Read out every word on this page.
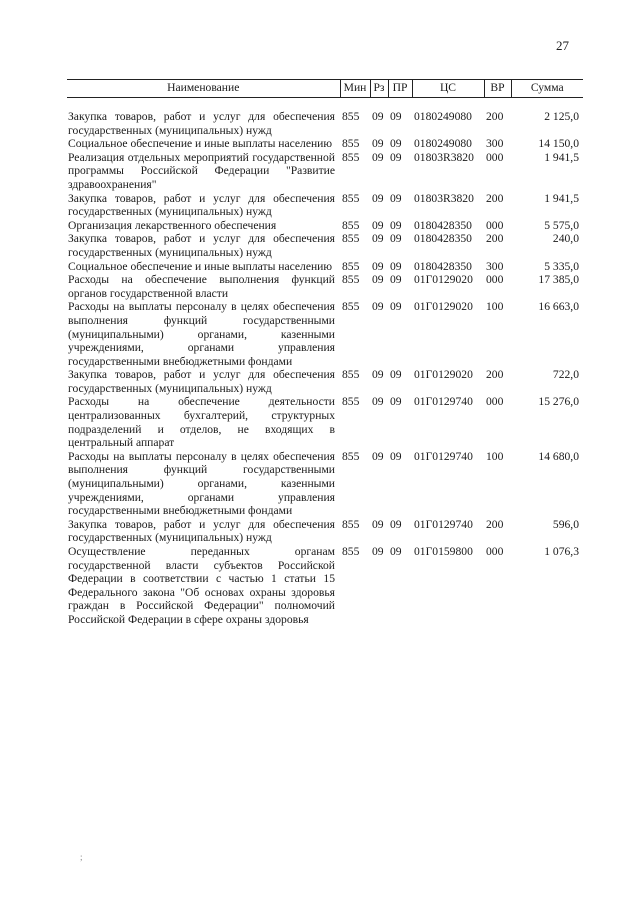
27
Наименование	Мин	Рз	ПР	ЦС	ВР	Сумма
Закупка товаров, работ и услуг для обеспечения государственных (муниципальных) нужд	855	09	09	0180249080	200	2 125,0
Социальное обеспечение и иные выплаты населению	855	09	09	0180249080	300	14 150,0
Реализация отдельных мероприятий государственной программы Российской Федерации "Развитие здравоохранения"	855	09	09	01803R3820	000	1 941,5
Закупка товаров, работ и услуг для обеспечения государственных (муниципальных) нужд	855	09	09	01803R3820	200	1 941,5
Организация лекарственного обеспечения	855	09	09	0180428350	000	5 575,0
Закупка товаров, работ и услуг для обеспечения государственных (муниципальных) нужд	855	09	09	0180428350	200	240,0
Социальное обеспечение и иные выплаты населению	855	09	09	0180428350	300	5 335,0
Расходы на обеспечение выполнения функций органов государственной власти	855	09	09	01Г0129020	000	17 385,0
Расходы на выплаты персоналу в целях обеспечения выполнения функций государственными (муниципальными) органами, казенными учреждениями, органами управления государственными внебюджетными фондами	855	09	09	01Г0129020	100	16 663,0
Закупка товаров, работ и услуг для обеспечения государственных (муниципальных) нужд	855	09	09	01Г0129020	200	722,0
Расходы на обеспечение деятельности централизованных бухгалтерий, структурных подразделений и отделов, не входящих в центральный аппарат	855	09	09	01Г0129740	000	15 276,0
Расходы на выплаты персоналу в целях обеспечения выполнения функций государственными (муниципальными) органами, казенными учреждениями, органами управления государственными внебюджетными фондами	855	09	09	01Г0129740	100	14 680,0
Закупка товаров, работ и услуг для обеспечения государственных (муниципальных) нужд	855	09	09	01Г0129740	200	596,0
Осуществление переданных органам государственной власти субъектов Российской Федерации в соответствии с частью 1 статьи 15 Федерального закона "Об основах охраны здоровья граждан в Российской Федерации" полномочий Российской Федерации в сфере охраны здоровья	855	09	09	01Г0159800	000	1 076,3
;
